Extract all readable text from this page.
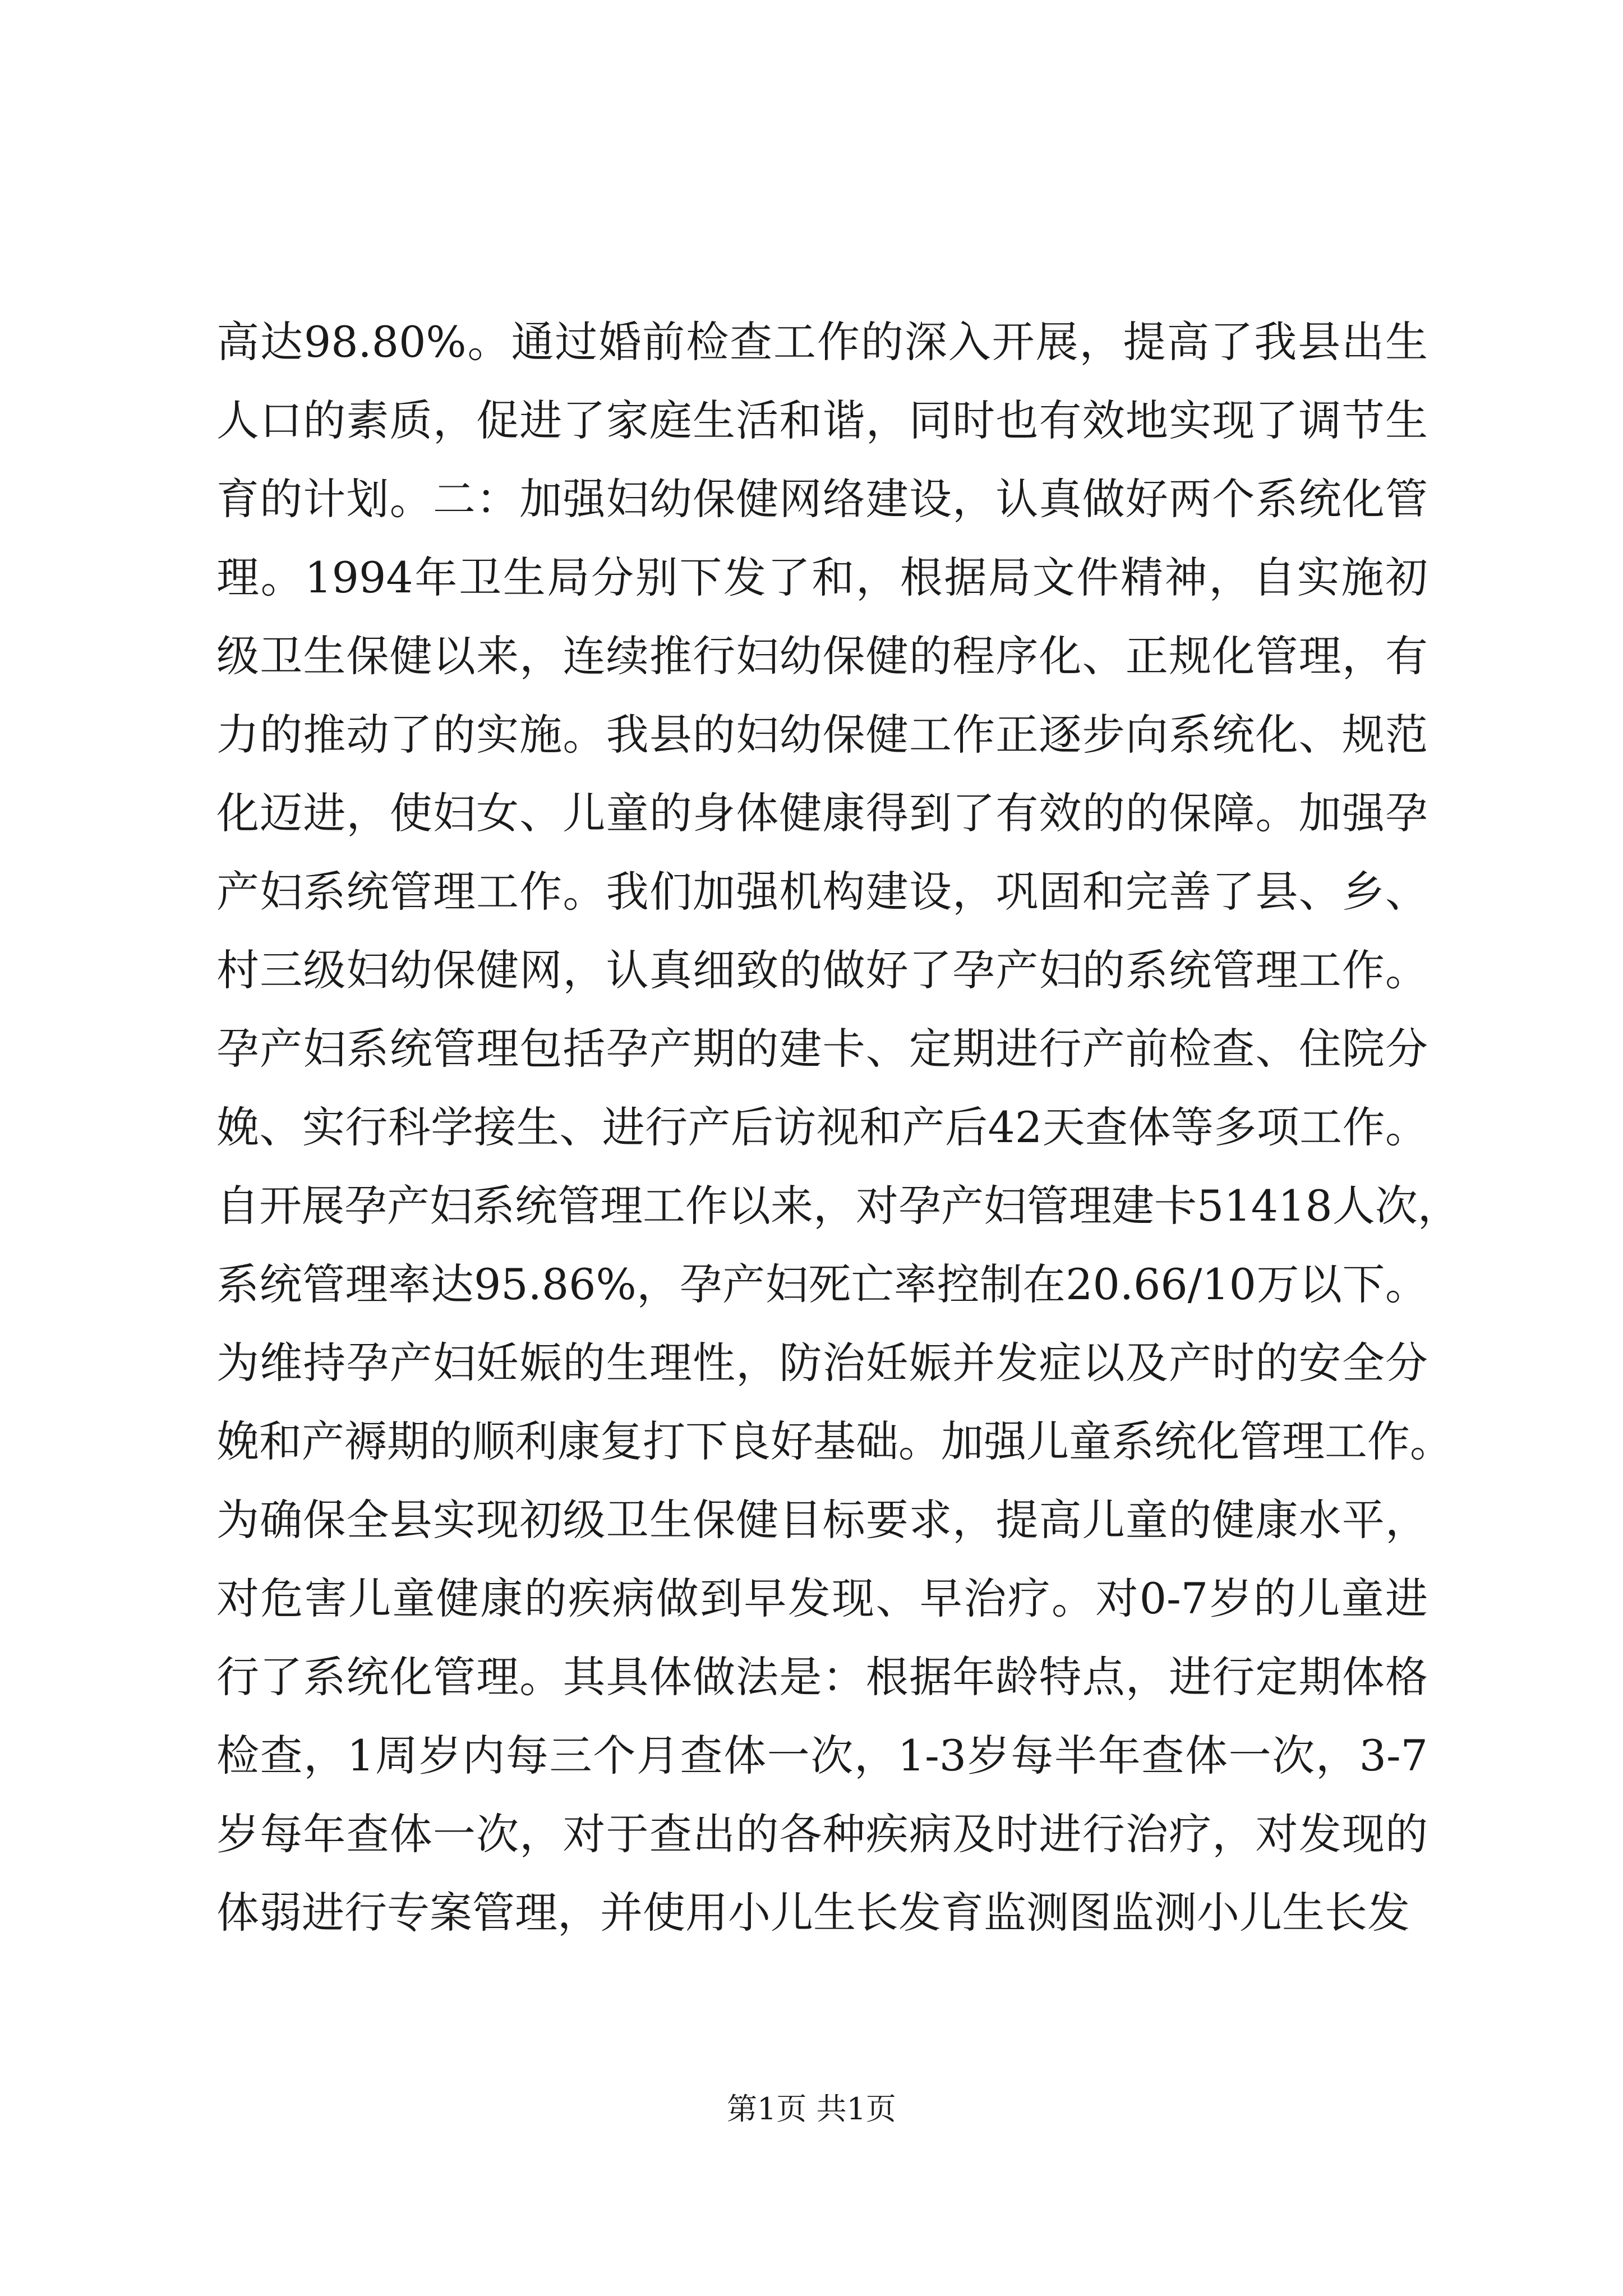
高达98.80%。通过婚前检查工作的深入开展，提高了我县出生
人口的素质，促进了家庭生活和谐，同时也有效地实现了调节生
育的计划。二：加强妇幼保健网络建设，认真做好两个系统化管
理。1994年卫生局分别下发了和，根据局文件精神，自实施初
级卫生保健以来，连续推行妇幼保健的程序化、正规化管理，有
力的推动了的实施。我县的妇幼保健工作正逐步向系统化、规范
化迈进，使妇女、儿童的身体健康得到了有效的的保障。加强孕
产妇系统管理工作。我们加强机构建设，巩固和完善了县、乡、
村三级妇幼保健网，认真细致的做好了孕产妇的系统管理工作。
孕产妇系统管理包括孕产期的建卡、定期进行产前检查、住院分
娩、实行科学接生、进行产后访视和产后42天查体等多项工作。
自开展孕产妇系统管理工作以来，对孕产妇管理建卡51418人次，
系统管理率达95.86%，孕产妇死亡率控制在20.66/10万以下。
为维持孕产妇妊娠的生理性，防治妊娠并发症以及产时的安全分
娩和产褥期的顺利康复打下良好基础。加强儿童系统化管理工作。
为确保全县实现初级卫生保健目标要求，提高儿童的健康水平，
对危害儿童健康的疾病做到早发现、早治疗。对0-7岁的儿童进
行了系统化管理。其具体做法是：根据年龄特点，进行定期体格
检查，1周岁内每三个月查体一次，1-3岁每半年查体一次，3-7
岁每年查体一次，对于查出的各种疾病及时进行治疗，对发现的
体弱进行专案管理，并使用小儿生长发育监测图监测小儿生长发
第1页 共1页
